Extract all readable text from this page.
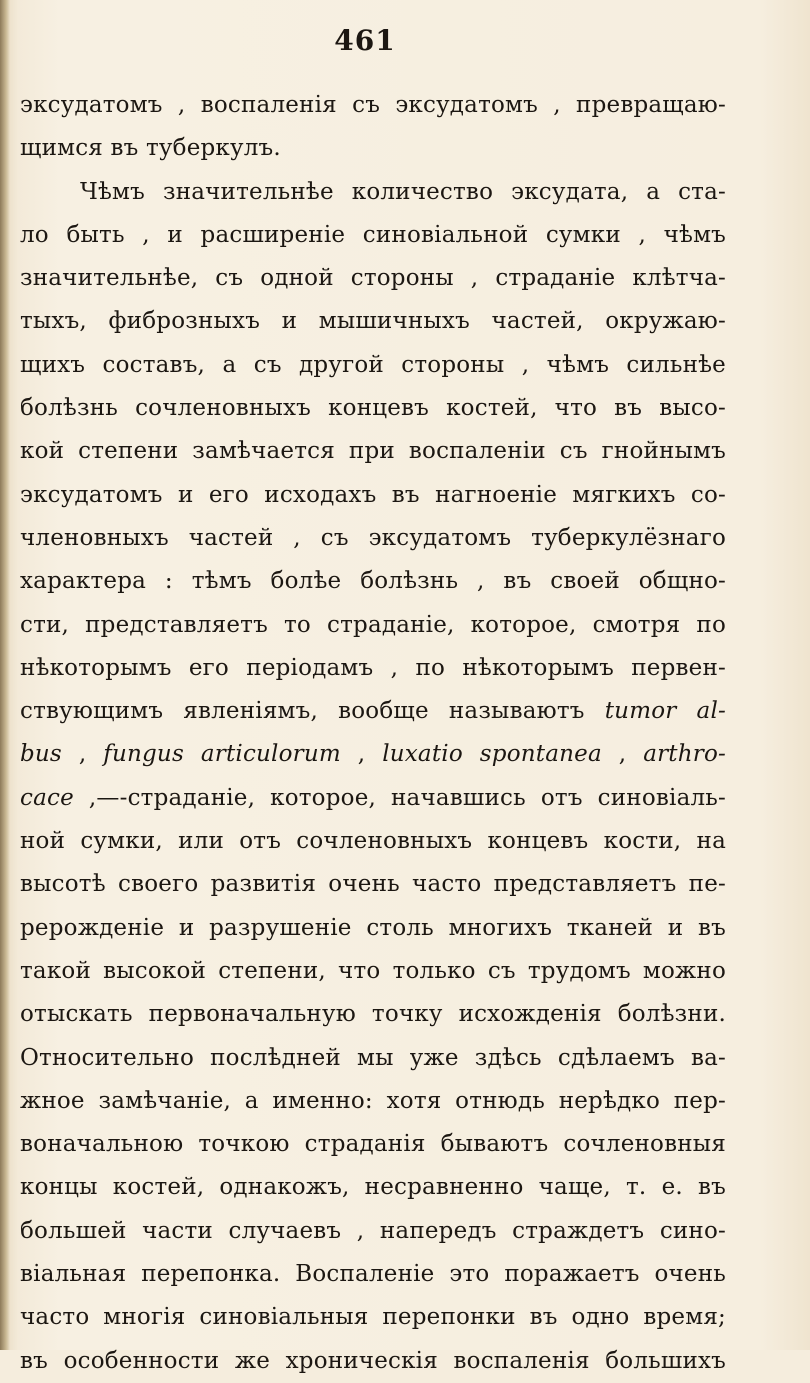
461
эксудатомъ , воспаленія съ эксудатомъ , превращаю-
щимся въ туберкулъ.
Чѣмъ значительнѣе количество эксудата, а ста-
ло быть , и расширеніе синовіальной сумки , чѣмъ
значительнѣе, съ одной стороны , страданіе клѣтча-
тыхъ, фиброзныхъ и мышичныхъ частей, окружаю-
щихъ составъ, а съ другой стороны , чѣмъ сильнѣе
болѣзнь сочленовныхъ концевъ костей, что въ высо-
кой степени замѣчается при воспаленіи съ гнойнымъ
эксудатомъ и его исходахъ въ нагноеніе мягкихъ со-
членовныхъ частей , съ эксудатомъ туберкулёзнаго
характера : тѣмъ болѣе болѣзнь , въ своей общно-
сти, представляетъ то страданіе, которое, смотря по
нѣкоторымъ его періодамъ , по нѣкоторымъ первен-
ствующимъ явленіямъ, вообще называютъ tumor al-
bus , fungus articulorum , luxatio spontanea , arthro-
cace ,—-страданіе, которое, начавшись отъ синовіаль-
ной сумки, или отъ сочленовныхъ концевъ кости, на
высотѣ своего развитія очень часто представляетъ пе-
рерожденіе и разрушеніе столь многихъ тканей и въ
такой высокой степени, что только съ трудомъ можно
отыскать первоначальную точку исхожденія болѣзни.
Относительно послѣдней мы уже здѣсь сдѣлаемъ ва-
жное замѣчаніе, а именно: хотя отнюдь нерѣдко пер-
воначальною точкою страданія бываютъ сочленовныя
концы костей, однакожъ, несравненно чаще, т. е. въ
большей части случаевъ , напередъ страждетъ сино-
віальная перепонка. Воспаленіе это поражаетъ очень
часто многія синовіальныя перепонки въ одно время;
въ особенности же хроническія воспаленія большихъ
